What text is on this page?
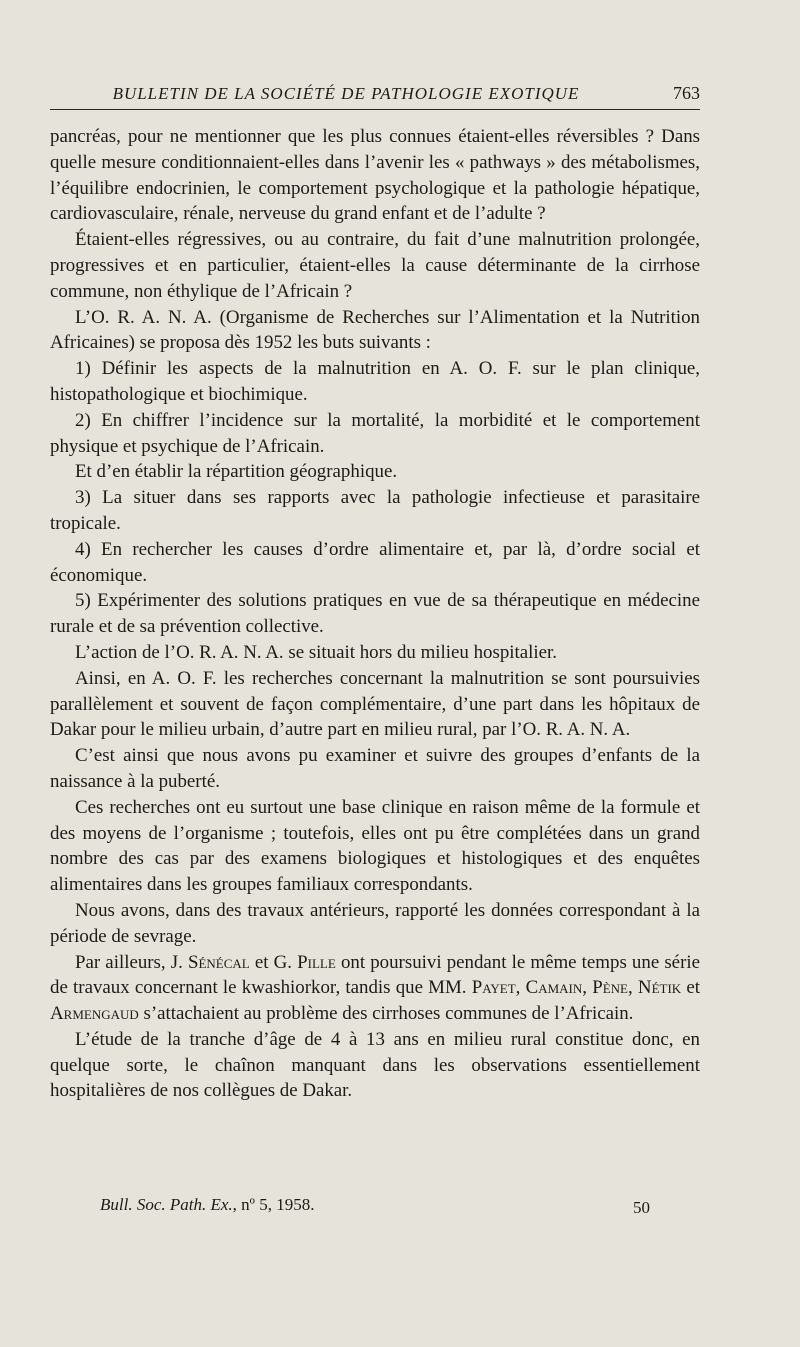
BULLETIN DE LA SOCIÉTÉ DE PATHOLOGIE EXOTIQUE	763

pancréas, pour ne mentionner que les plus connues étaient-elles réversibles ? Dans quelle mesure conditionnaient-elles dans l’avenir les « pathways » des métabolismes, l’équilibre endocrinien, le comportement psychologique et la pathologie hépatique, cardiovasculaire, rénale, nerveuse du grand enfant et de l’adulte ?

Étaient-elles régressives, ou au contraire, du fait d’une malnutrition prolongée, progressives et en particulier, étaient-elles la cause déterminante de la cirrhose commune, non éthylique de l’Africain ?

L’O. R. A. N. A. (Organisme de Recherches sur l’Alimentation et la Nutrition Africaines) se proposa dès 1952 les buts suivants :

1) Définir les aspects de la malnutrition en A. O. F. sur le plan clinique, histopathologique et biochimique.

2) En chiffrer l’incidence sur la mortalité, la morbidité et le comportement physique et psychique de l’Africain.

Et d’en établir la répartition géographique.

3) La situer dans ses rapports avec la pathologie infectieuse et parasitaire tropicale.

4) En rechercher les causes d’ordre alimentaire et, par là, d’ordre social et économique.

5) Expérimenter des solutions pratiques en vue de sa thérapeutique en médecine rurale et de sa prévention collective.

L’action de l’O. R. A. N. A. se situait hors du milieu hospitalier.

Ainsi, en A. O. F. les recherches concernant la malnutrition se sont poursuivies parallèlement et souvent de façon complémentaire, d’une part dans les hôpitaux de Dakar pour le milieu urbain, d’autre part en milieu rural, par l’O. R. A. N. A.

C’est ainsi que nous avons pu examiner et suivre des groupes d’enfants de la naissance à la puberté.

Ces recherches ont eu surtout une base clinique en raison même de la formule et des moyens de l’organisme ; toutefois, elles ont pu être complétées dans un grand nombre des cas par des examens biologiques et histologiques et des enquêtes alimentaires dans les groupes familiaux correspondants.

Nous avons, dans des travaux antérieurs, rapporté les données correspondant à la période de sevrage.

Par ailleurs, J. Sénécal et G. Pille ont poursuivi pendant le même temps une série de travaux concernant le kwashiorkor, tandis que MM. Payet, Camain, Pène, Nétik et Armengaud s’attachaient au problème des cirrhoses communes de l’Africain.

L’étude de la tranche d’âge de 4 à 13 ans en milieu rural constitue donc, en quelque sorte, le chaînon manquant dans les observations essentiellement hospitalières de nos collègues de Dakar.

Bull. Soc. Path. Ex., nº 5, 1958.	50
